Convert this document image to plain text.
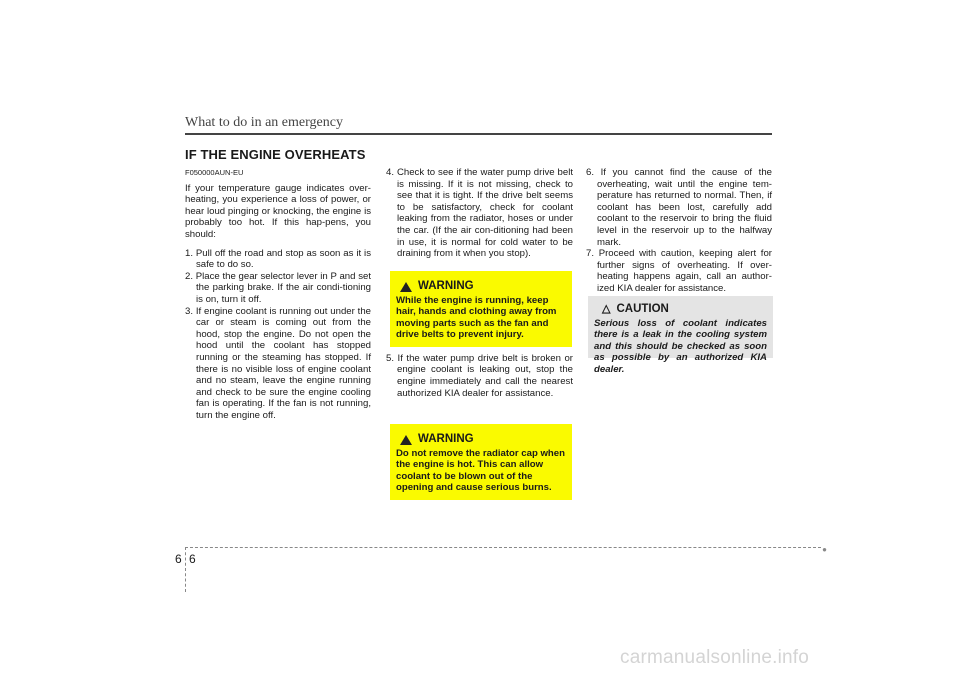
What to do in an emergency
IF THE ENGINE OVERHEATS
F050000AUN-EU

If your temperature gauge indicates over-heating, you experience a loss of power, or hear loud pinging or knocking, the engine is probably too hot. If this hap-pens, you should:

1. Pull off the road and stop as soon as it is safe to do so.
2. Place the gear selector lever in P and set the parking brake. If the air condi-tioning is on, turn it off.
3. If engine coolant is running out under the car or steam is coming out from the hood, stop the engine. Do not open the hood until the coolant has stopped running or the steaming has stopped. If there is no visible loss of engine coolant and no steam, leave the engine running and check to be sure the engine cooling fan is operating. If the fan is not running, turn the engine off.
4. Check to see if the water pump drive belt is missing. If it is not missing, check to see that it is tight. If the drive belt seems to be satisfactory, check for coolant leaking from the radiator, hoses or under the car. (If the air con-ditioning had been in use, it is normal for cold water to be draining from it when you stop).
5. If the water pump drive belt is broken or engine coolant is leaking out, stop the engine immediately and call the nearest authorized KIA dealer for assistance.
WARNING
While the engine is running, keep hair, hands and clothing away from moving parts such as the fan and drive belts to prevent injury.
WARNING
Do not remove the radiator cap when the engine is hot. This can allow coolant to be blown out of the opening and cause serious burns.
6. If you cannot find the cause of the overheating, wait until the engine tem-perature has returned to normal. Then, if coolant has been lost, carefully add coolant to the reservoir to bring the fluid level in the reservoir up to the halfway mark.
7. Proceed with caution, keeping alert for further signs of overheating. If over-heating happens again, call an author-ized KIA dealer for assistance.
△ CAUTION
Serious loss of coolant indicates there is a leak in the cooling system and this should be checked as soon as possible by an authorized KIA dealer.
●
6 6
carmanualsonline.info
